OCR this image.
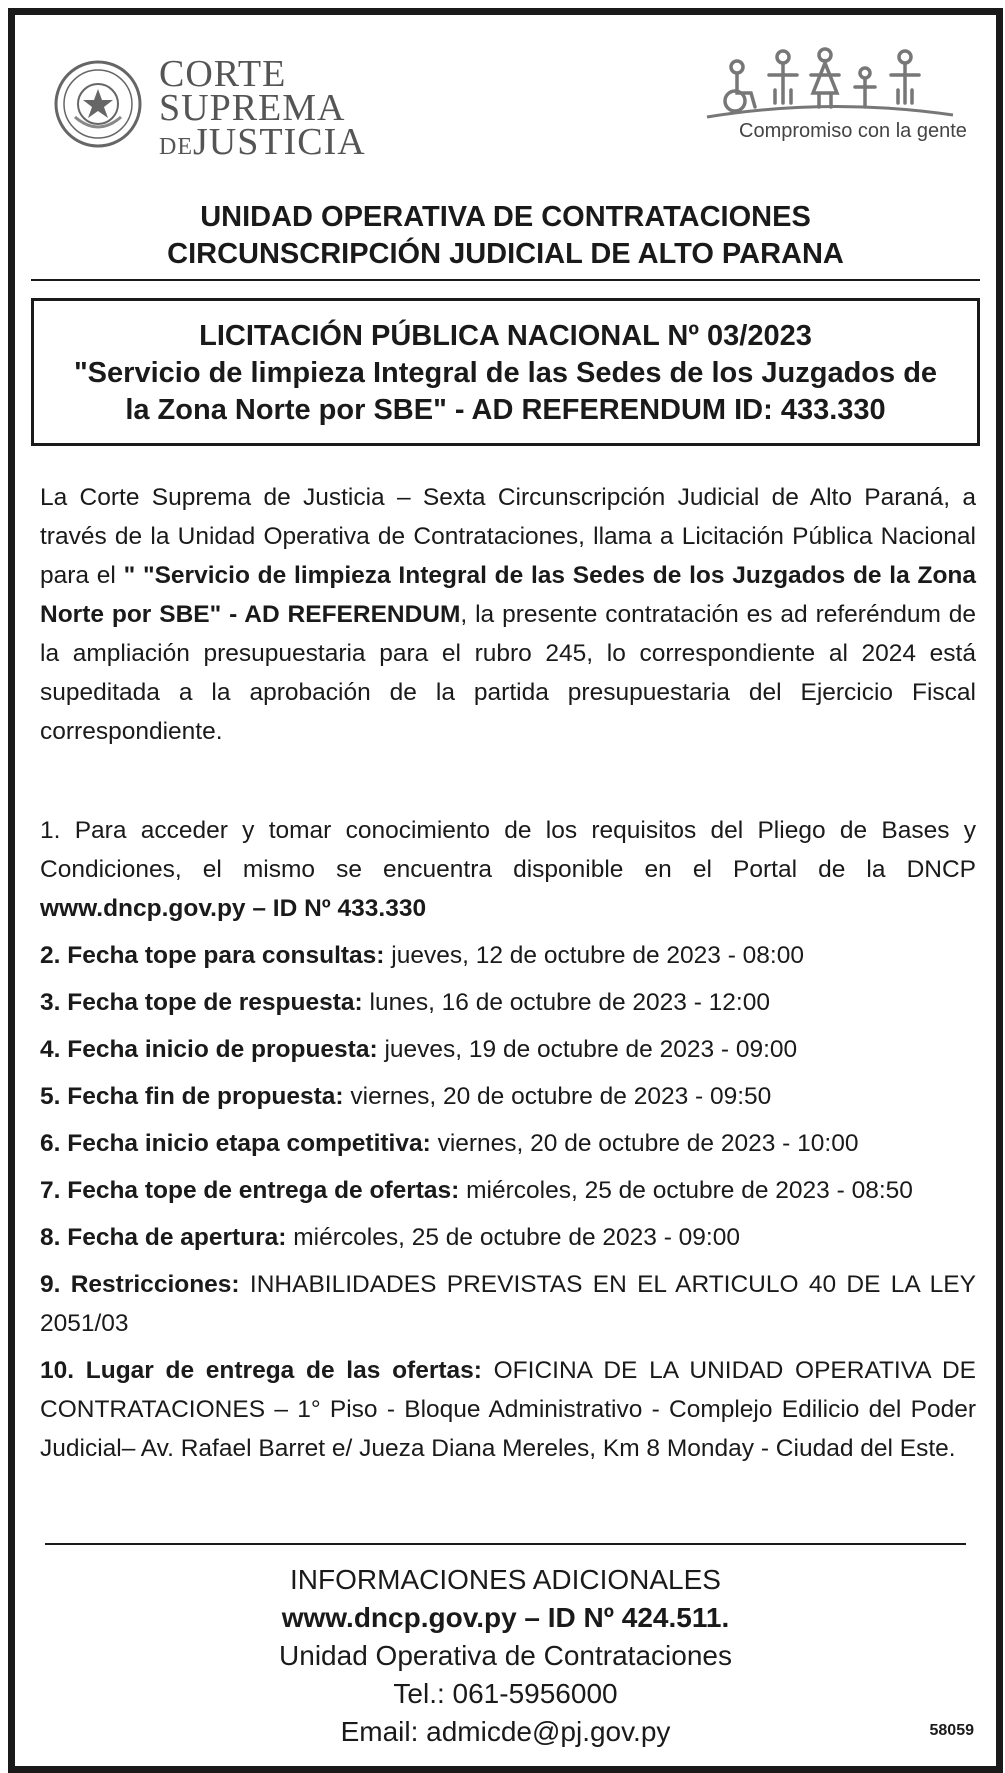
CORTE
SUPREMA
DEJUSTICIA	Compromiso con la gente
UNIDAD OPERATIVA DE CONTRATACIONES
CIRCUNSCRIPCIÓN JUDICIAL DE ALTO PARANA
LICITACIÓN PÚBLICA NACIONAL Nº 03/2023
"Servicio de limpieza Integral de las Sedes de los Juzgados de
la Zona Norte por SBE" - AD REFERENDUM ID: 433.330
La Corte Suprema de Justicia – Sexta Circunscripción Judicial de Alto Paraná, a través de la Unidad Operativa de Contrataciones, llama a Licitación Pública Nacional para el " "Servicio de limpieza Integral de las Sedes de los Juzgados de la Zona Norte por SBE" - AD REFERENDUM, la presente contratación es ad referéndum de la ampliación presupuestaria para el rubro 245, lo correspondiente al 2024 está supeditada a la aprobación de la partida presupuestaria del Ejercicio Fiscal correspondiente.
1. Para acceder y tomar conocimiento de los requisitos del Pliego de Bases y Condiciones, el mismo se encuentra disponible en el Portal de la DNCP www.dncp.gov.py – ID Nº 433.330
2. Fecha tope para consultas: jueves, 12 de octubre de 2023 - 08:00
3. Fecha tope de respuesta: lunes, 16 de octubre de 2023 - 12:00
4. Fecha inicio de propuesta: jueves, 19 de octubre de 2023 - 09:00
5. Fecha fin de propuesta: viernes, 20 de octubre de 2023 - 09:50
6. Fecha inicio etapa competitiva: viernes, 20 de octubre de 2023 - 10:00
7. Fecha tope de entrega de ofertas: miércoles, 25 de octubre de 2023 - 08:50
8. Fecha de apertura: miércoles, 25 de octubre de 2023 - 09:00
9. Restricciones: INHABILIDADES PREVISTAS EN EL ARTICULO 40 DE LA LEY 2051/03
10. Lugar de entrega de las ofertas: OFICINA DE LA UNIDAD OPERATIVA DE CONTRATACIONES – 1° Piso - Bloque Administrativo - Complejo Edilicio del Poder Judicial– Av. Rafael Barret e/ Jueza Diana Mereles, Km 8 Monday - Ciudad del Este.
INFORMACIONES ADICIONALES
www.dncp.gov.py – ID Nº 424.511.
Unidad Operativa de Contrataciones
Tel.: 061-5956000
Email: admicde@pj.gov.py	58059
